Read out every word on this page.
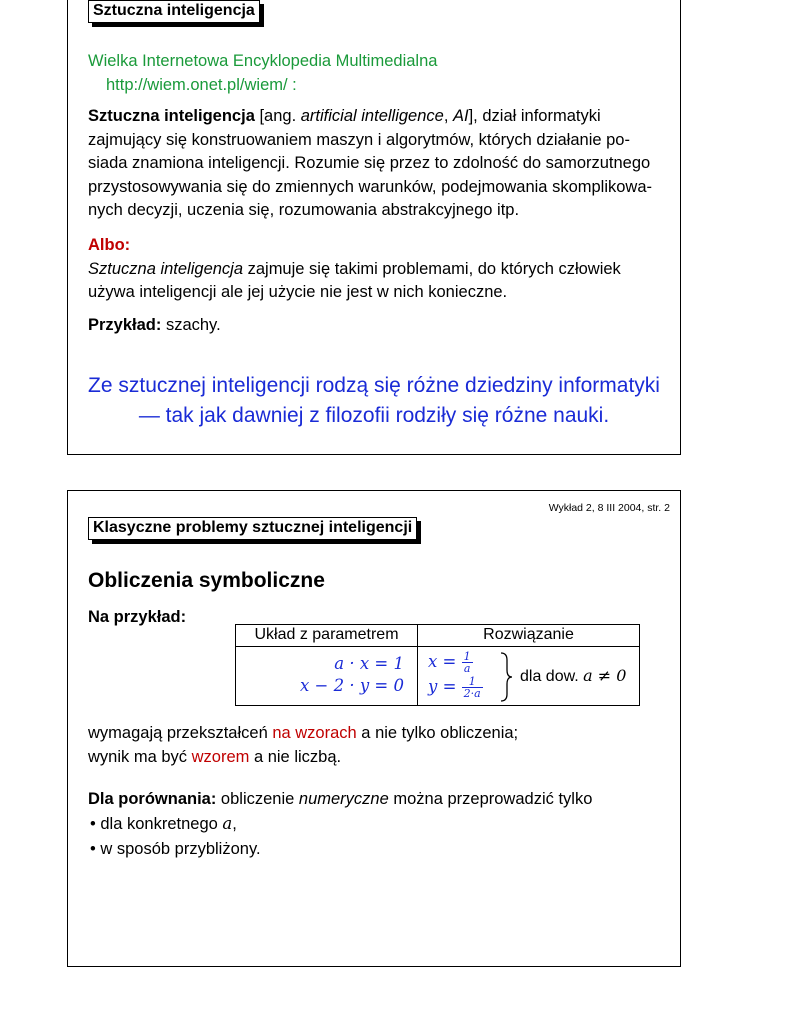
Sztuczna inteligencja
Wielka Internetowa Encyklopedia Multimedialna
http://wiem.onet.pl/wiem/ :
Sztuczna inteligencja [ang. artificial intelligence, AI], dział informatyki
zajmujący się konstruowaniem maszyn i algorytmów, których działanie po-
siada znamiona inteligencji. Rozumie się przez to zdolność do samorzutnego
przystosowywania się do zmiennych warunków, podejmowania skomplikowa-
nych decyzji, uczenia się, rozumowania abstrakcyjnego itp.
Albo:
Sztuczna inteligencja zajmuje się takimi problemami, do których człowiek
używa inteligencji ale jej użycie nie jest w nich konieczne.
Przykład: szachy.
Ze sztucznej inteligencji rodzą się różne dziedziny informatyki
— tak jak dawniej z filozofii rodziły się różne nauki.
Wykład 2, 8 III 2004, str. 2
Klasyczne problemy sztucznej inteligencji
Obliczenia symboliczne
Na przykład:
Układ z parametrem	Rozwiązanie
a · x = 1
x − 2 · y = 0
$x = \frac{1}{a}$
$y = \frac{1}{2\cdot a}$ dla dow. a ≠ 0
wymagają przekształceń na wzorach a nie tylko obliczenia;
wynik ma być wzorem a nie liczbą.
Dla porównania: obliczenie numeryczne można przeprowadzić tylko
• dla konkretnego a,
• w sposób przybliżony.
